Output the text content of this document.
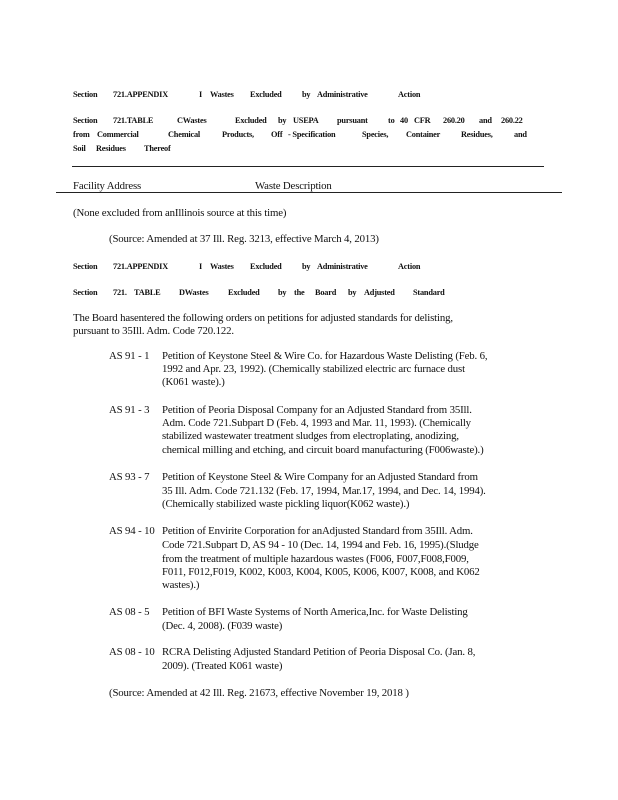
Section 721.APPENDIX	I Wastes Excluded by Administrative	Action
Section 721.TABLE	CWastes	Excluded by USEPA pursuant to 40 CFR 260.20 and 260.22
from Commercial	Chemical	Products, Off - Specification	Species, Container	Residues,	and
Soil Residues Thereof
Facility Address	Waste Description
(None excluded from anIllinois source at this time)
(Source: Amended at 37 Ill. Reg. 3213, effective March 4, 2013)
Section 721.APPENDIX	I Wastes Excluded by Administrative	Action
Section 721. TABLE DWastes Excluded by the Board by Adjusted Standard
The Board hasentered the following orders on petitions for adjusted standards for delisting,
pursuant to 35Ill. Adm. Code 720.122.
AS 91 - 1 Petition of Keystone Steel & Wire Co. for Hazardous Waste Delisting (Feb. 6,
1992 and Apr. 23, 1992). (Chemically stabilized electric arc furnace dust
(K061 waste).)
AS 91 - 3 Petition of Peoria Disposal Company for an Adjusted Standard from 35Ill.
Adm. Code 721.Subpart D (Feb. 4, 1993 and Mar. 11, 1993). (Chemically
stabilized wastewater treatment sludges from electroplating, anodizing,
chemical milling and etching, and circuit board manufacturing (F006waste).)
AS 93 - 7 Petition of Keystone Steel & Wire Company for an Adjusted Standard from
35 Ill. Adm. Code 721.132 (Feb. 17, 1994, Mar.17, 1994, and Dec. 14, 1994).
(Chemically stabilized waste pickling liquor(K062 waste).)
AS 94 - 10 Petition of Envirite Corporation for anAdjusted Standard from 35Ill. Adm.
Code 721.Subpart D, AS 94 - 10 (Dec. 14, 1994 and Feb. 16, 1995).(Sludge
from the treatment of multiple hazardous wastes (F006, F007,F008,F009,
F011, F012,F019, K002, K003, K004, K005, K006, K007, K008, and K062
wastes).)
AS 08 - 5 Petition of BFI Waste Systems of North America,Inc. for Waste Delisting
(Dec. 4, 2008). (F039 waste)
AS 08 - 10 RCRA Delisting Adjusted Standard Petition of Peoria Disposal Co. (Jan. 8,
2009). (Treated K061 waste)
(Source: Amended at 42 Ill. Reg. 21673, effective November 19, 2018 )
